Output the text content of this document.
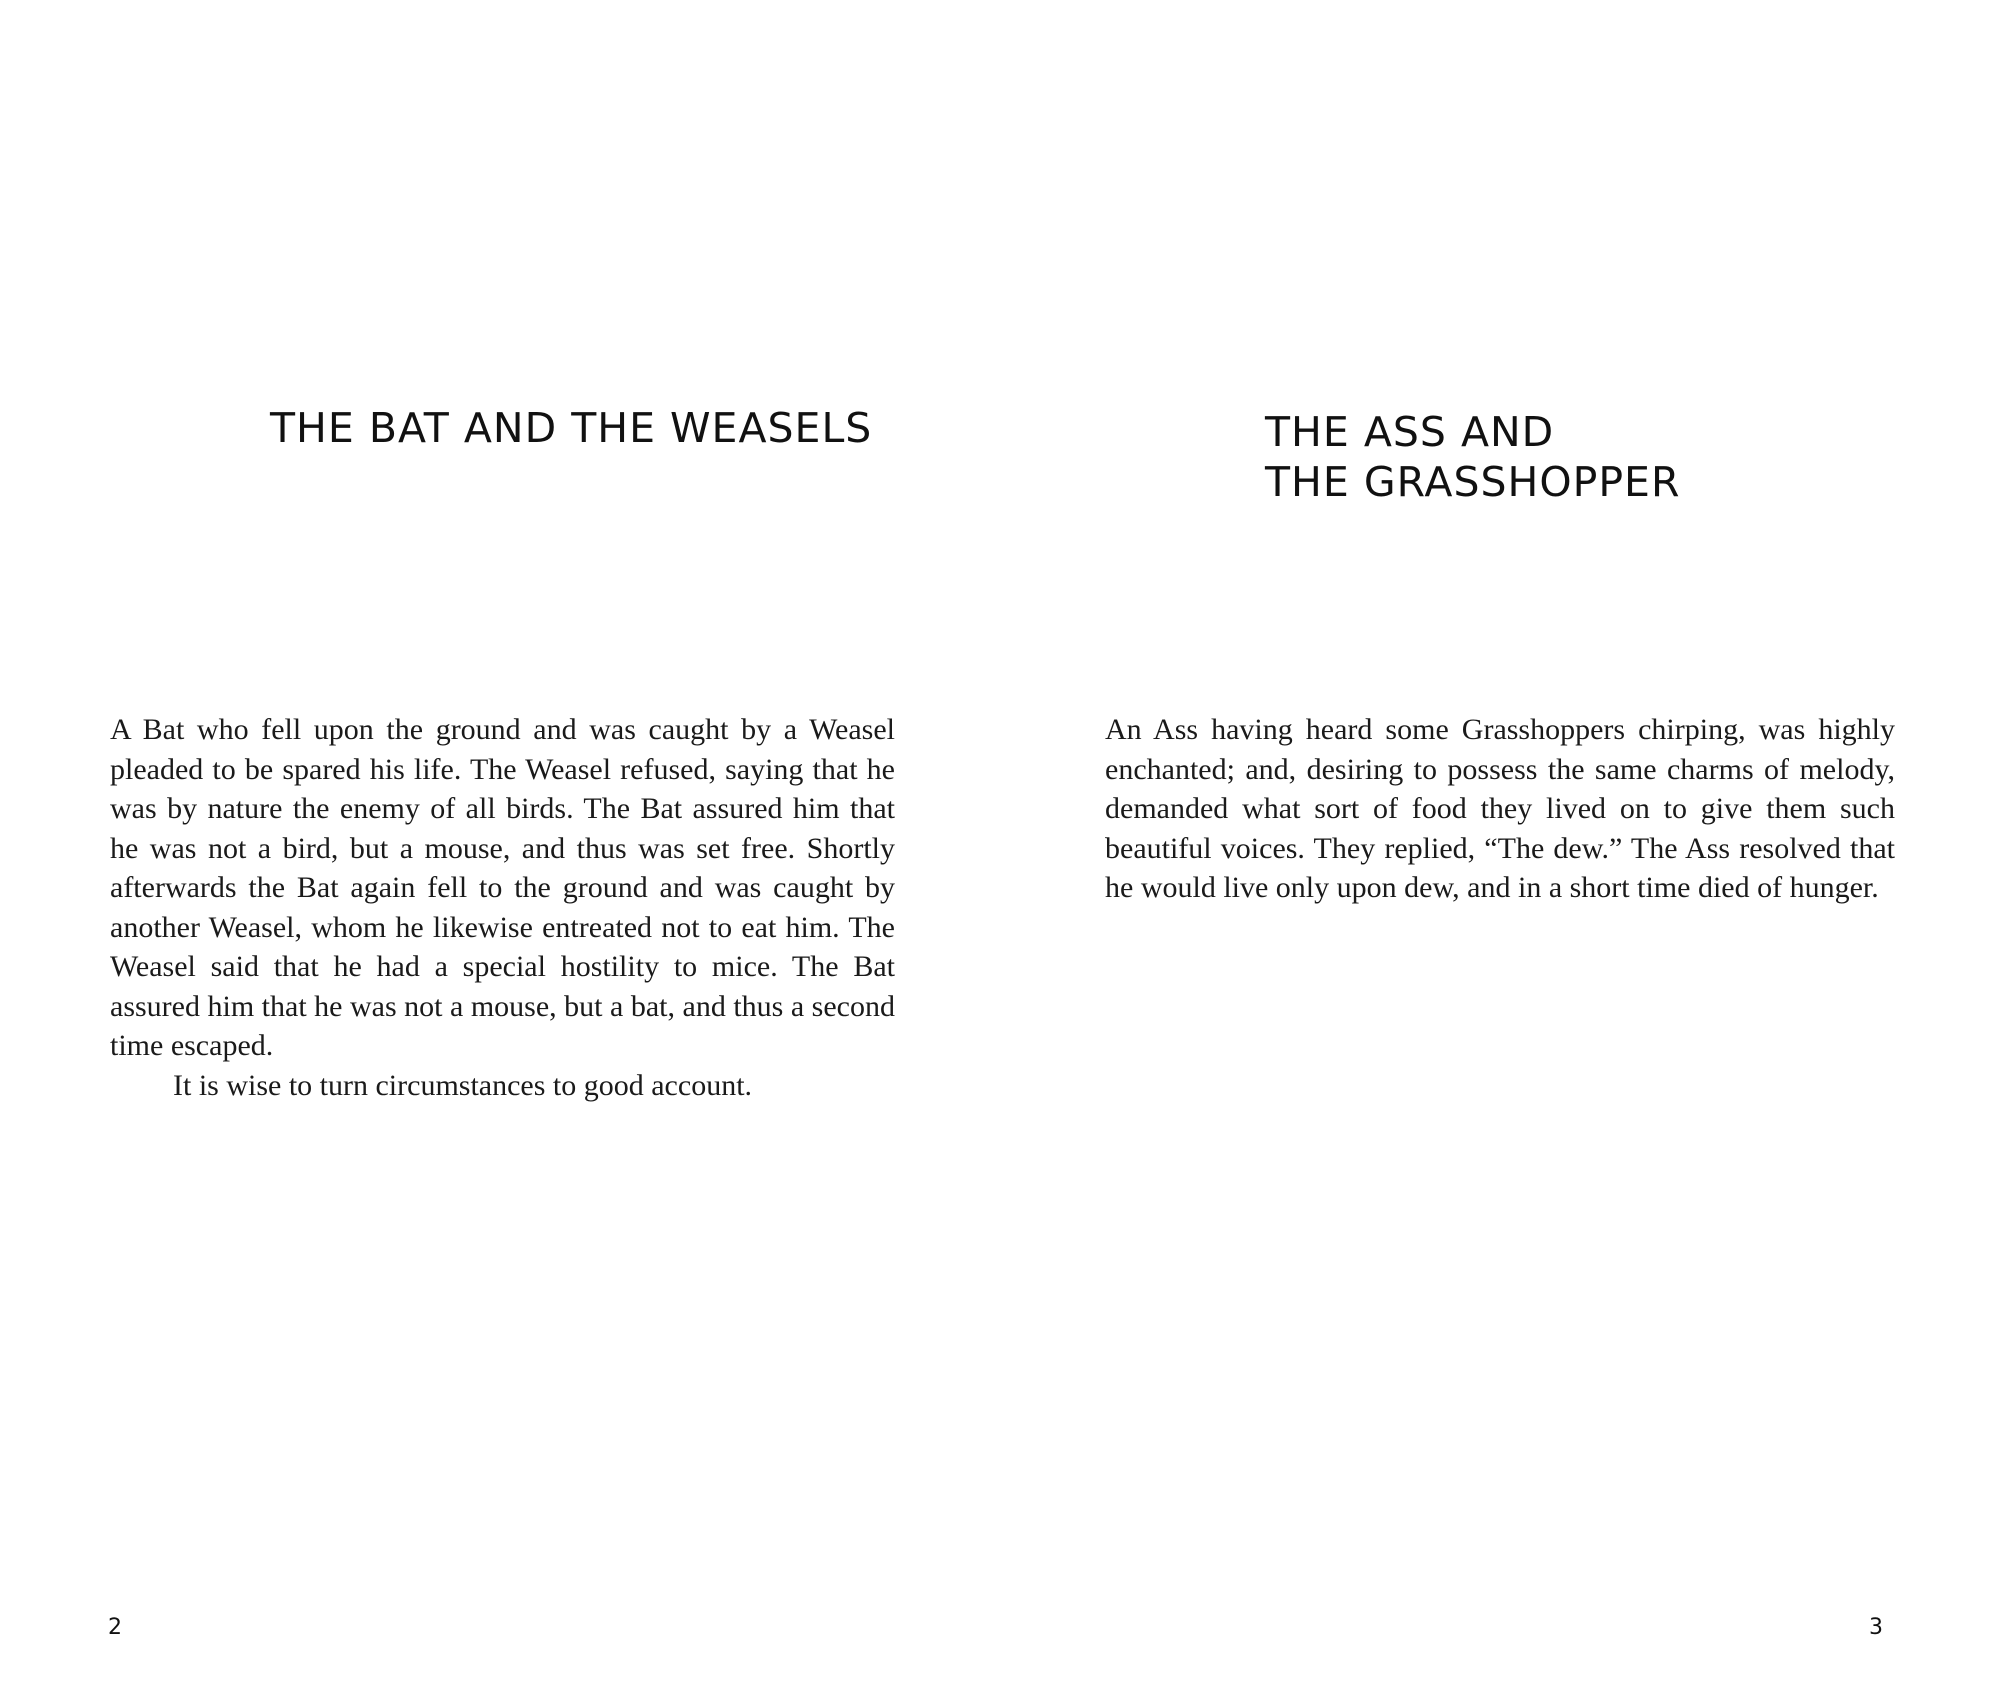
THE BAT AND THE WEASELS

A Bat who fell upon the ground and was caught by a Weasel pleaded to be spared his life. The Weasel refused, saying that he was by nature the enemy of all birds. The Bat assured him that he was not a bird, but a mouse, and thus was set free. Shortly afterwards the Bat again fell to the ground and was caught by another Weasel, whom he likewise entreated not to eat him. The Weasel said that he had a special hostility to mice. The Bat assured him that he was not a mouse, but a bat, and thus a second time escaped.

It is wise to turn circumstances to good account.

2
THE ASS AND
THE GRASSHOPPER

An Ass having heard some Grasshoppers chirping, was highly enchanted; and, desiring to possess the same charms of melody, demanded what sort of food they lived on to give them such beautiful voices. They replied, “The dew.” The Ass resolved that he would live only upon dew, and in a short time died of hunger.

3
